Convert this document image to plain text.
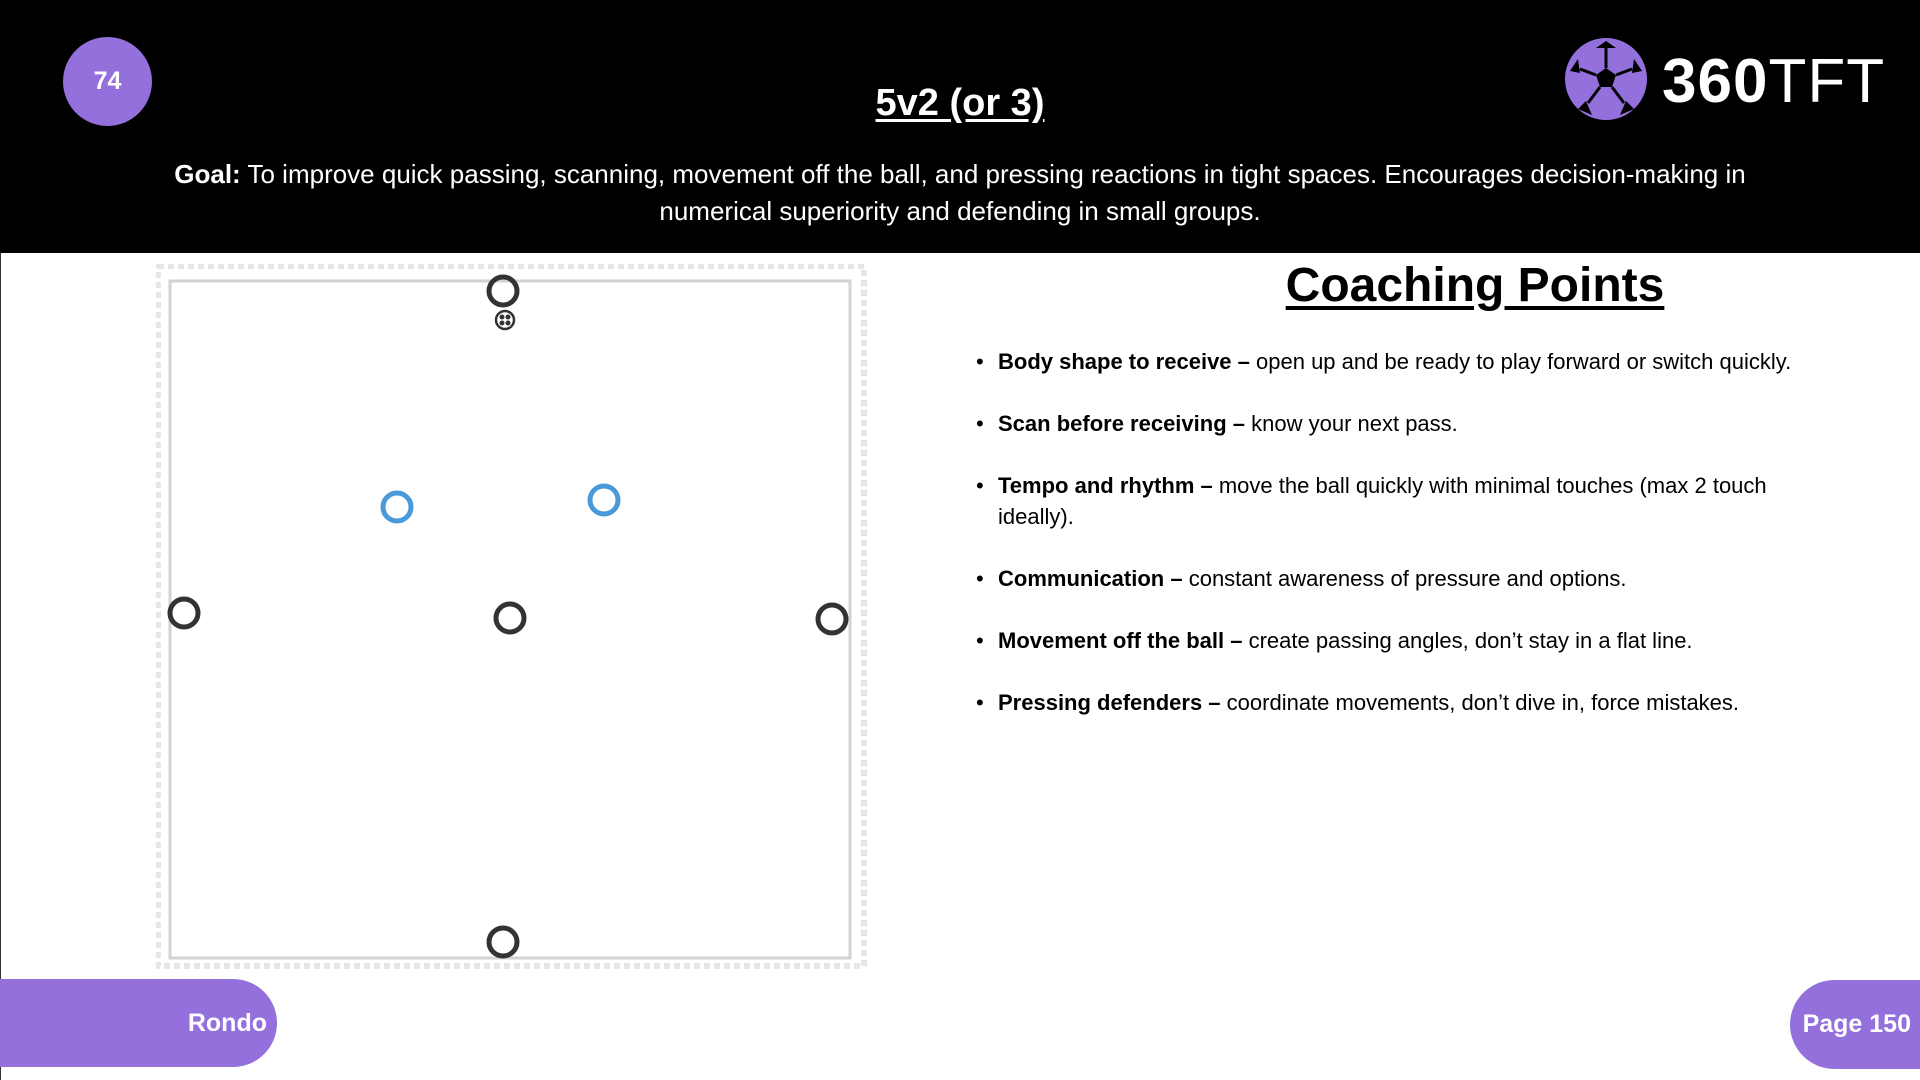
74
5v2 (or 3)	360TFT
Goal: To improve quick passing, scanning, movement off the ball, and pressing reactions in tight spaces. Encourages decision-making in numerical superiority and defending in small groups.
Coaching Points
• Body shape to receive – open up and be ready to play forward or switch quickly.
• Scan before receiving – know your next pass.
• Tempo and rhythm – move the ball quickly with minimal touches (max 2 touch ideally).
• Communication – constant awareness of pressure and options.
• Movement off the ball – create passing angles, don’t stay in a flat line.
• Pressing defenders – coordinate movements, don’t dive in, force mistakes.
Rondo	Page 150
